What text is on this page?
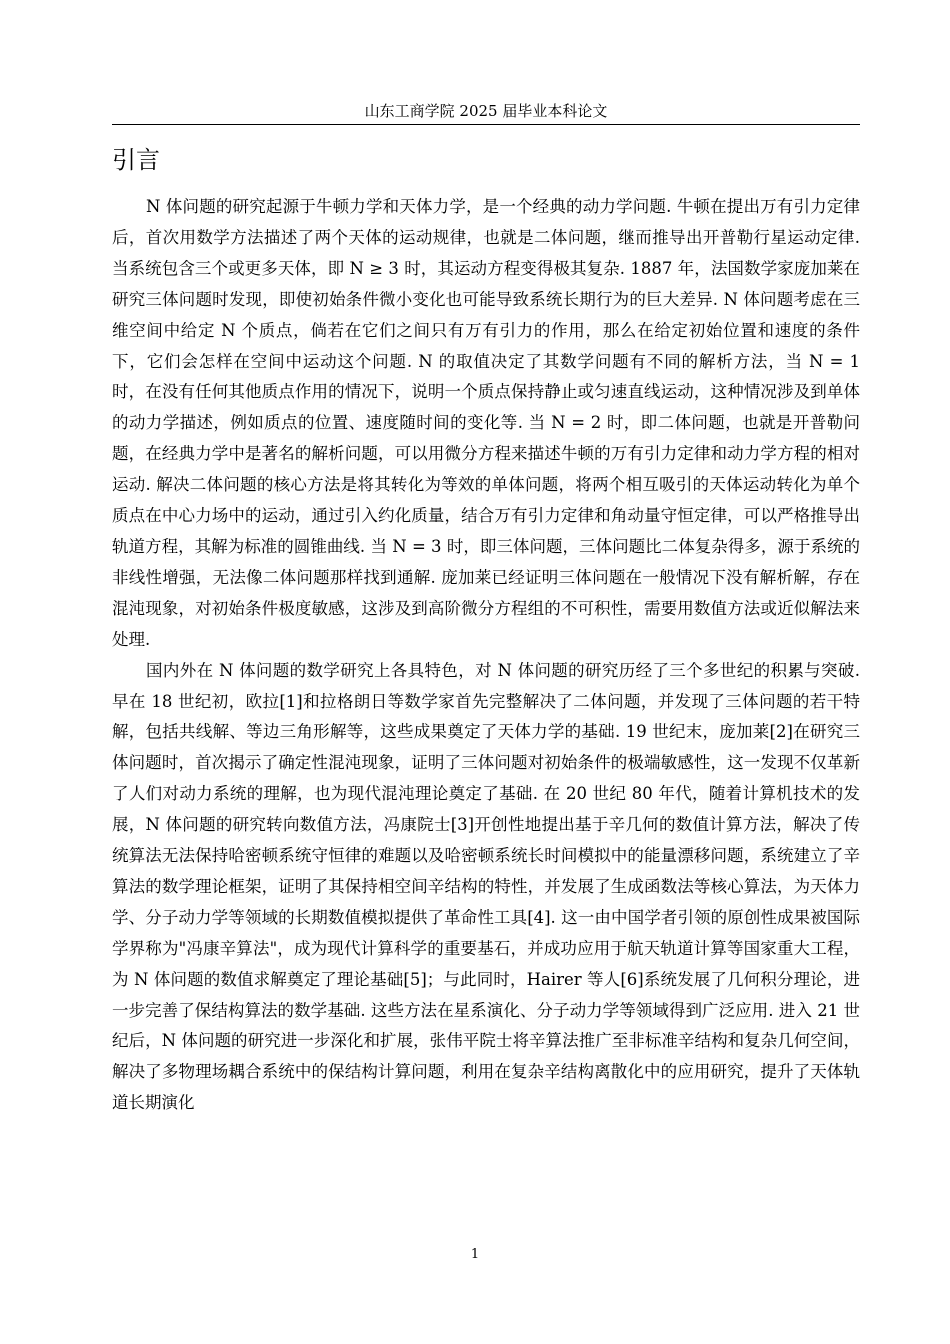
山东工商学院 2025 届毕业本科论文
引言

N 体问题的研究起源于牛顿力学和天体力学，是一个经典的动力学问题. 牛顿在提出万有引力定律后，首次用数学方法描述了两个天体的运动规律，也就是二体问题，继而推导出开普勒行星运动定律. 当系统包含三个或更多天体，即 N ≥ 3 时，其运动方程变得极其复杂. 1887 年，法国数学家庞加莱在研究三体问题时发现，即使初始条件微小变化也可能导致系统长期行为的巨大差异. N 体问题考虑在三维空间中给定 N 个质点，倘若在它们之间只有万有引力的作用，那么在给定初始位置和速度的条件下，它们会怎样在空间中运动这个问题. N 的取值决定了其数学问题有不同的解析方法，当 N = 1 时，在没有任何其他质点作用的情况下，说明一个质点保持静止或匀速直线运动，这种情况涉及到单体的动力学描述，例如质点的位置、速度随时间的变化等. 当 N = 2 时，即二体问题，也就是开普勒问题，在经典力学中是著名的解析问题，可以用微分方程来描述牛顿的万有引力定律和动力学方程的相对运动. 解决二体问题的核心方法是将其转化为等效的单体问题，将两个相互吸引的天体运动转化为单个质点在中心力场中的运动，通过引入约化质量，结合万有引力定律和角动量守恒定律，可以严格推导出轨道方程，其解为标准的圆锥曲线. 当 N = 3 时，即三体问题，三体问题比二体复杂得多，源于系统的非线性增强，无法像二体问题那样找到通解. 庞加莱已经证明三体问题在一般情况下没有解析解，存在混沌现象，对初始条件极度敏感，这涉及到高阶微分方程组的不可积性，需要用数值方法或近似解法来处理.

国内外在 N 体问题的数学研究上各具特色，对 N 体问题的研究历经了三个多世纪的积累与突破. 早在 18 世纪初，欧拉[1]和拉格朗日等数学家首先完整解决了二体问题，并发现了三体问题的若干特解，包括共线解、等边三角形解等，这些成果奠定了天体力学的基础. 19 世纪末，庞加莱[2]在研究三体问题时，首次揭示了确定性混沌现象，证明了三体问题对初始条件的极端敏感性，这一发现不仅革新了人们对动力系统的理解，也为现代混沌理论奠定了基础. 在 20 世纪 80 年代，随着计算机技术的发展，N 体问题的研究转向数值方法，冯康院士[3]开创性地提出基于辛几何的数值计算方法，解决了传统算法无法保持哈密顿系统守恒律的难题以及哈密顿系统长时间模拟中的能量漂移问题，系统建立了辛算法的数学理论框架，证明了其保持相空间辛结构的特性，并发展了生成函数法等核心算法，为天体力学、分子动力学等领域的长期数值模拟提供了革命性工具[4]. 这一由中国学者引领的原创性成果被国际学界称为"冯康辛算法"，成为现代计算科学的重要基石，并成功应用于航天轨道计算等国家重大工程，为 N 体问题的数值求解奠定了理论基础[5]；与此同时，Hairer 等人[6]系统发展了几何积分理论，进一步完善了保结构算法的数学基础. 这些方法在星系演化、分子动力学等领域得到广泛应用. 进入 21 世纪后，N 体问题的研究进一步深化和扩展，张伟平院士将辛算法推广至非标准辛结构和复杂几何空间，解决了多物理场耦合系统中的保结构计算问题，利用在复杂辛结构离散化中的应用研究，提升了天体轨道长期演化

1
